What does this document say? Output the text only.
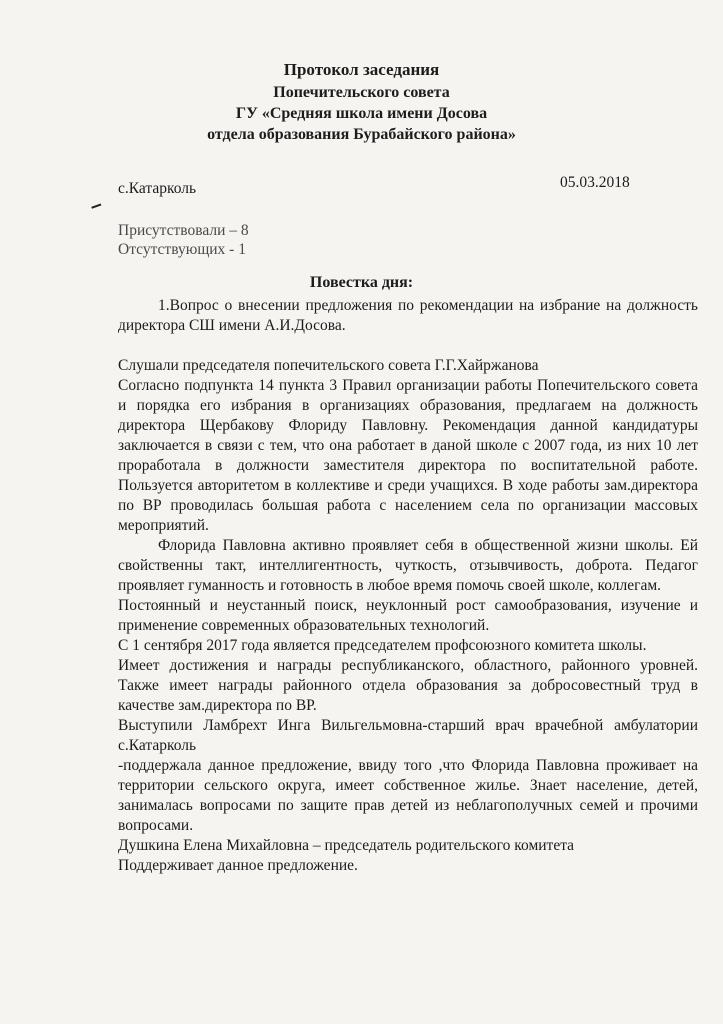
Протокол заседания
Попечительского совета
ГУ «Средняя школа имени Досова
отдела образования Бурабайского района»
с.Катарколь	05.03.2018
Присутствовали – 8
Отсутствующих - 1
Повестка дня:

1.Вопрос о внесении предложения по рекомендации на избрание на должность директора СШ имени А.И.Досова.

Слушали председателя попечительского совета Г.Г.Хайржанова

Согласно подпункта 14 пункта 3 Правил организации работы Попечительского совета и порядка его избрания в организациях образования, предлагаем на должность директора Щербакову Флориду Павловну. Рекомендация данной кандидатуры заключается в связи с тем, что она работает в даной школе с 2007 года, из них 10 лет проработала в должности заместителя директора по воспитательной работе. Пользуется авторитетом в коллективе и среди учащихся. В ходе работы зам.директора по ВР проводилась большая работа с населением села по организации массовых мероприятий.

Флорида Павловна активно проявляет себя в общественной жизни школы. Ей свойственны такт, интеллигентность, чуткость, отзывчивость, доброта. Педагог проявляет гуманность и готовность в любое время помочь своей школе, коллегам.

Постоянный и неустанный поиск, неуклонный рост самообразования, изучение и применение современных образовательных технологий.

С 1 сентября 2017 года является председателем профсоюзного комитета школы.

Имеет достижения и награды республиканского, областного, районного уровней. Также имеет награды районного отдела образования за добросовестный труд в качестве зам.директора по ВР.

Выступили Ламбрехт Инга Вильгельмовна-старший врач врачебной амбулатории с.Катарколь

-поддержала данное предложение, ввиду того ,что Флорида Павловна проживает на территории сельского округа, имеет собственное жилье. Знает население, детей, занималась вопросами по защите прав детей из неблагополучных семей и прочими вопросами.

Душкина Елена Михайловна – председатель родительского комитета

Поддерживает данное предложение.
